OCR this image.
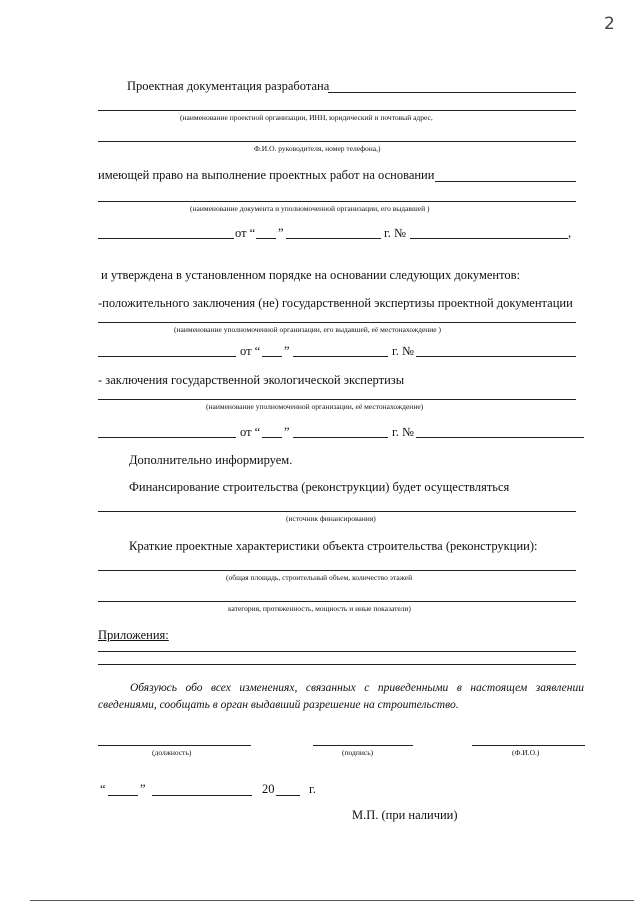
2
Проектная документация разработана
(наименование проектной организации, ИНН, юридический и почтовый адрес,
Ф.И.О. руководителя, номер телефона,)
имеющей право на выполнение проектных работ на основании
(наименование документа и уполномоченной организации, его выдавшей )
от “ ”	г. №	,
и утверждена в установленном порядке на основании следующих документов:
-положительного заключения (не) государственной экспертизы проектной документации
(наименование уполномоченной организации, его выдавшей, её местонахождение )
от “ ”	г. №
- заключения государственной экологической экспертизы
(наименование уполномоченной организации, её местонахождение)
от “ ”	г. №
Дополнительно информируем.
Финансирование строительства (реконструкции) будет осуществляться
(источник финансирования)
Краткие проектные характеристики объекта строительства (реконструкции):
(общая площадь, строительный объем, количество этажей
категория, протяженность, мощность и иные показатели)
Приложения:
Обязуюсь обо всех изменениях, связанных с приведенными в настоящем заявлении сведениями, сообщать в орган выдавший разрешение на строительство.
(должность)	(подпись)	(Ф.И.О.)
“	”	20	г.
М.П. (при наличии)
